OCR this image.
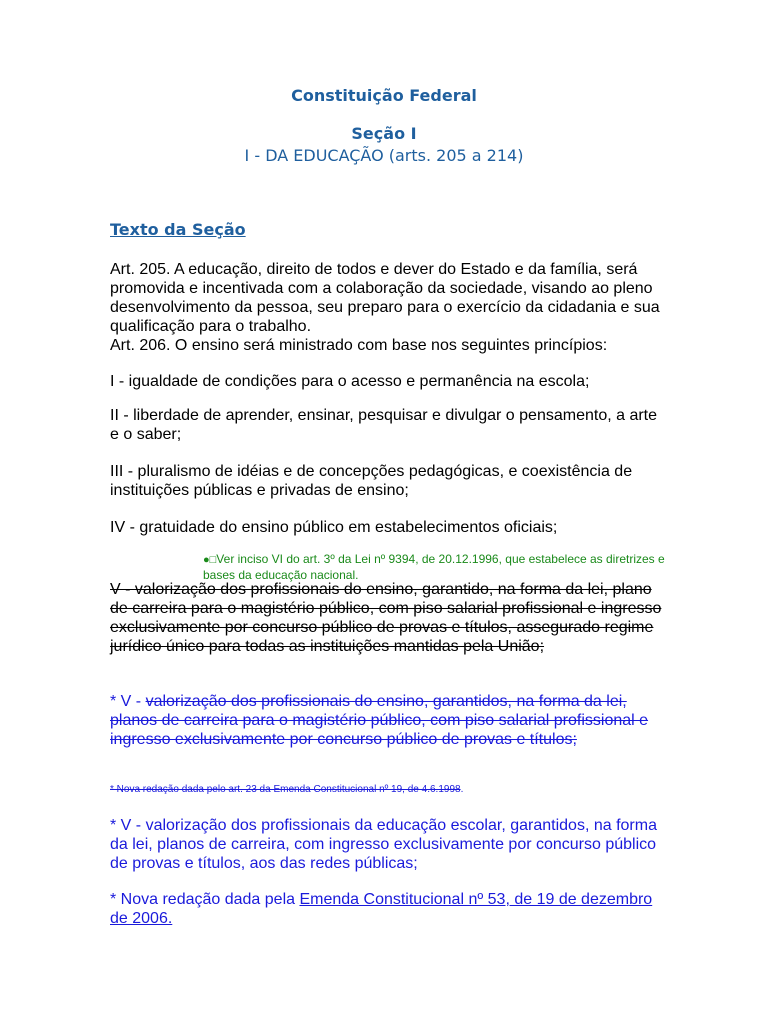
Constituição Federal
Seção I
I - DA EDUCAÇÃO (arts. 205 a 214)
Texto da Seção

Art. 205. A educação, direito de todos e dever do Estado e da família, será promovida e incentivada com a colaboração da sociedade, visando ao pleno desenvolvimento da pessoa, seu preparo para o exercício da cidadania e sua qualificação para o trabalho.

Art. 206. O ensino será ministrado com base nos seguintes princípios:

I - igualdade de condições para o acesso e permanência na escola;
II - liberdade de aprender, ensinar, pesquisar e divulgar o pensamento, a arte e o saber;
III - pluralismo de idéias e de concepções pedagógicas, e coexistência de instituições públicas e privadas de ensino;
IV - gratuidade do ensino público em estabelecimentos oficiais;
●□Ver inciso VI do art. 3º da Lei nº 9394, de 20.12.1996, que estabelece as diretrizes e bases da educação nacional.
V - valorização dos profissionais do ensino, garantido, na forma da lei, plano de carreira para o magistério público, com piso salarial profissional e ingresso exclusivamente por concurso público de provas e títulos, assegurado regime jurídico único para todas as instituições mantidas pela União;
* V - valorização dos profissionais do ensino, garantidos, na forma da lei, planos de carreira para o magistério público, com piso salarial profissional e ingresso exclusivamente por concurso público de provas e títulos;
* Nova redação dada pelo art. 23 da Emenda Constitucional nº 19, de 4.6.1998.
* V - valorização dos profissionais da educação escolar, garantidos, na forma da lei, planos de carreira, com ingresso exclusivamente por concurso público de provas e títulos, aos das redes públicas;
* Nova redação dada pela Emenda Constitucional nº 53, de 19 de dezembro de 2006.
